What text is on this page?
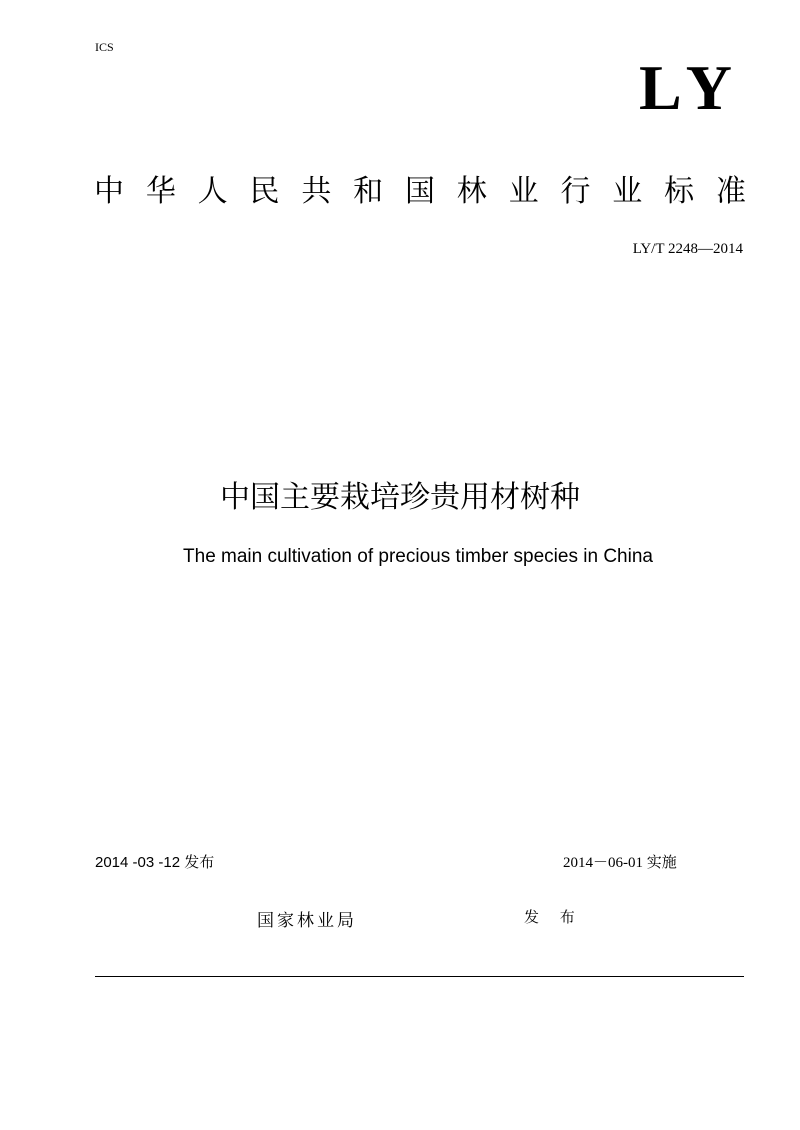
ICS
LY
中 华 人 民 共 和 国 林 业 行 业 标 准
LY/T 2248—2014
中国主要栽培珍贵用材树种
The main cultivation of precious timber species in China
2014 -03 -12 发布	2014－06-01 实施
国家林业局	发 布
